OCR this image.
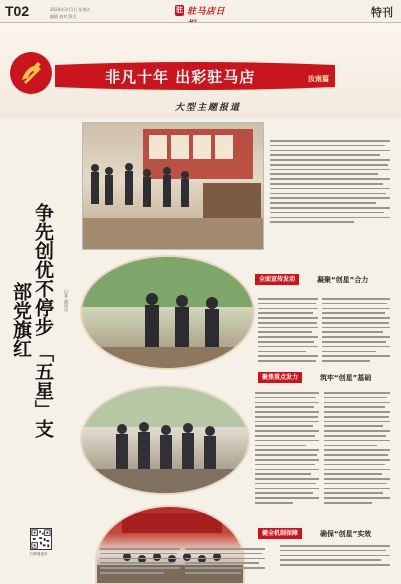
T02	2024年3月1日 星期五
编辑 校对 版式
驻 驻马店日	特刊
非凡十年 出彩驻马店	汝南篇
大型主题报道
争先创优不停步 「五星」支部党旗红	记者 通讯员
全面宣传发动	凝聚“创星”合力
聚焦重点发力	筑牢“创星”基础
健全机制保障	确保“创星”实效
扫码看更多
